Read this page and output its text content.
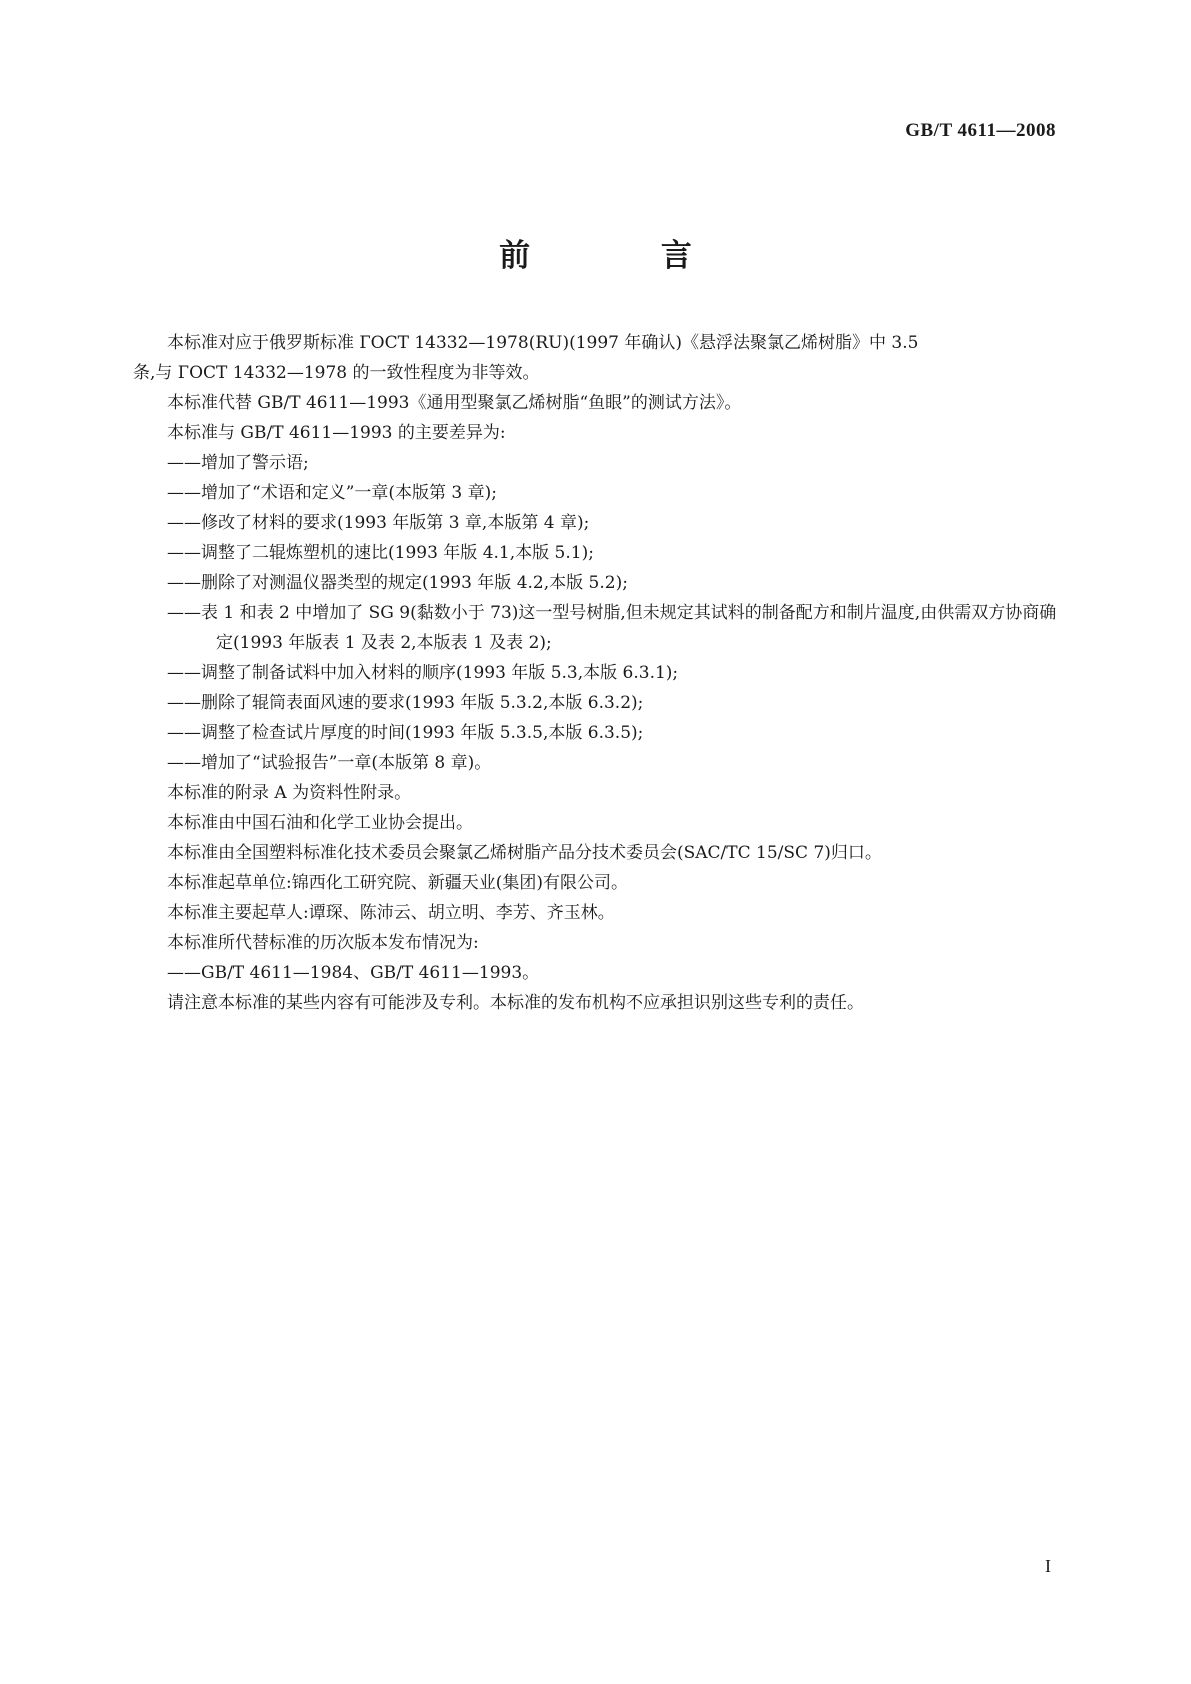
GB/T 4611—2008
前 言

本标准对应于俄罗斯标准 ГОСТ 14332—1978(RU)(1997 年确认)《悬浮法聚氯乙烯树脂》中 3.5

条,与 ГОСТ 14332—1978 的一致性程度为非等效。

本标准代替 GB/T 4611—1993《通用型聚氯乙烯树脂“鱼眼”的测试方法》。

本标准与 GB/T 4611—1993 的主要差异为:

——增加了警示语;

——增加了“术语和定义”一章(本版第 3 章);

——修改了材料的要求(1993 年版第 3 章,本版第 4 章);

——调整了二辊炼塑机的速比(1993 年版 4.1,本版 5.1);

——删除了对测温仪器类型的规定(1993 年版 4.2,本版 5.2);

——表 1 和表 2 中增加了 SG 9(黏数小于 73)这一型号树脂,但未规定其试料的制备配方和制片温度,由供需双方协商确定(1993 年版表 1 及表 2,本版表 1 及表 2);

——调整了制备试料中加入材料的顺序(1993 年版 5.3,本版 6.3.1);

——删除了辊筒表面风速的要求(1993 年版 5.3.2,本版 6.3.2);

——调整了检查试片厚度的时间(1993 年版 5.3.5,本版 6.3.5);

——增加了“试验报告”一章(本版第 8 章)。

本标准的附录 A 为资料性附录。

本标准由中国石油和化学工业协会提出。

本标准由全国塑料标准化技术委员会聚氯乙烯树脂产品分技术委员会(SAC/TC 15/SC 7)归口。

本标准起草单位:锦西化工研究院、新疆天业(集团)有限公司。

本标准主要起草人:谭琛、陈沛云、胡立明、李芳、齐玉林。

本标准所代替标准的历次版本发布情况为:

——GB/T 4611—1984、GB/T 4611—1993。

请注意本标准的某些内容有可能涉及专利。本标准的发布机构不应承担识别这些专利的责任。

I
